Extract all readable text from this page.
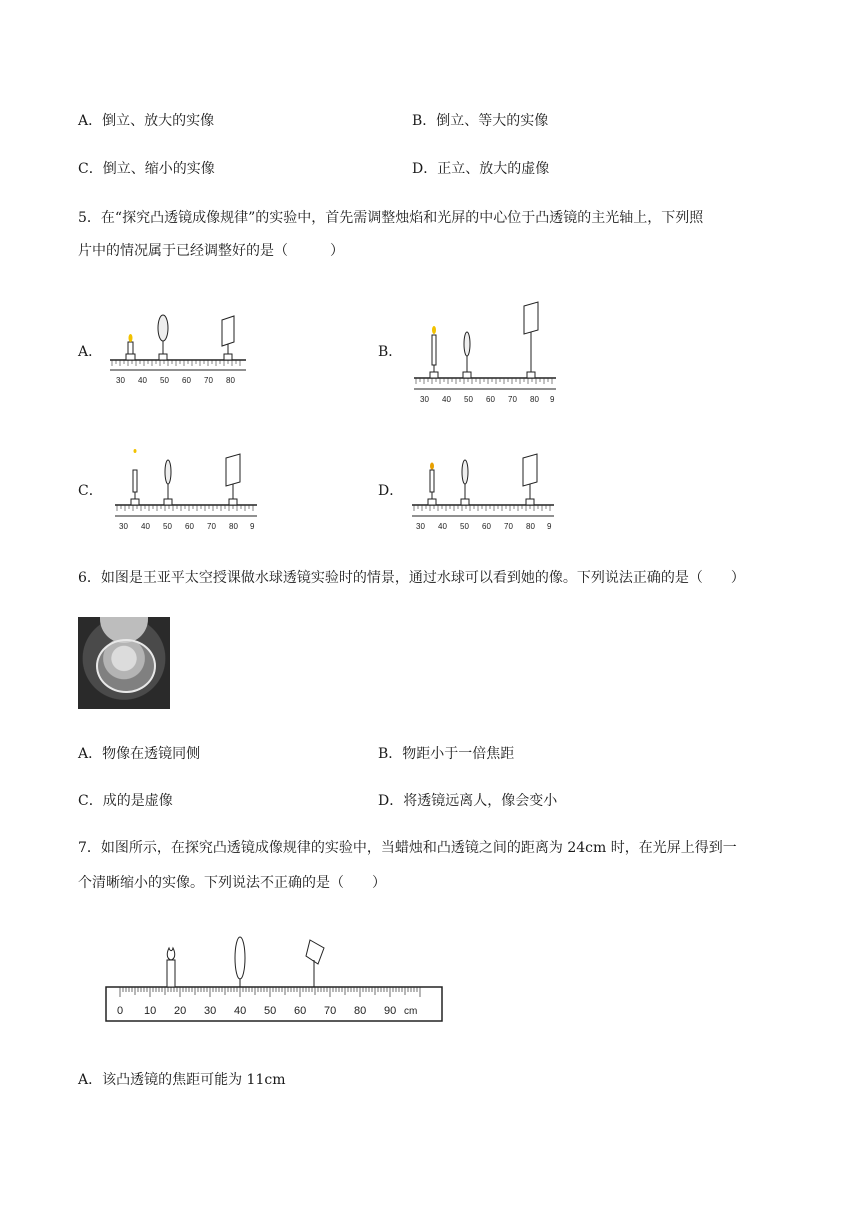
A．倒立、放大的实像	B．倒立、等大的实像
C．倒立、缩小的实像	D．正立、放大的虚像
5．在“探究凸透镜成像规律”的实验中，首先需调整烛焰和光屏的中心位于凸透镜的主光轴上，下列照
片中的情况属于已经调整好的是（　　　）
A．	B．
C．	D．
30 40 50 60 70 80
30 40 50 60 70 80 9
30 40 50 60 70 80 9	30 40 50 60 70 80 9
6．如图是王亚平太空授课做水球透镜实验时的情景，通过水球可以看到她的像。下列说法正确的是（　　）
A．物像在透镜同侧	B．物距小于一倍焦距
C．成的是虚像	D．将透镜远离人，像会变小
7．如图所示，在探究凸透镜成像规律的实验中，当蜡烛和凸透镜之间的距离为 24cm 时，在光屏上得到一
个清晰缩小的实像。下列说法不正确的是（　　）
0 10 20 30 40 50 60 70 80 90 cm
A．该凸透镜的焦距可能为 11cm
